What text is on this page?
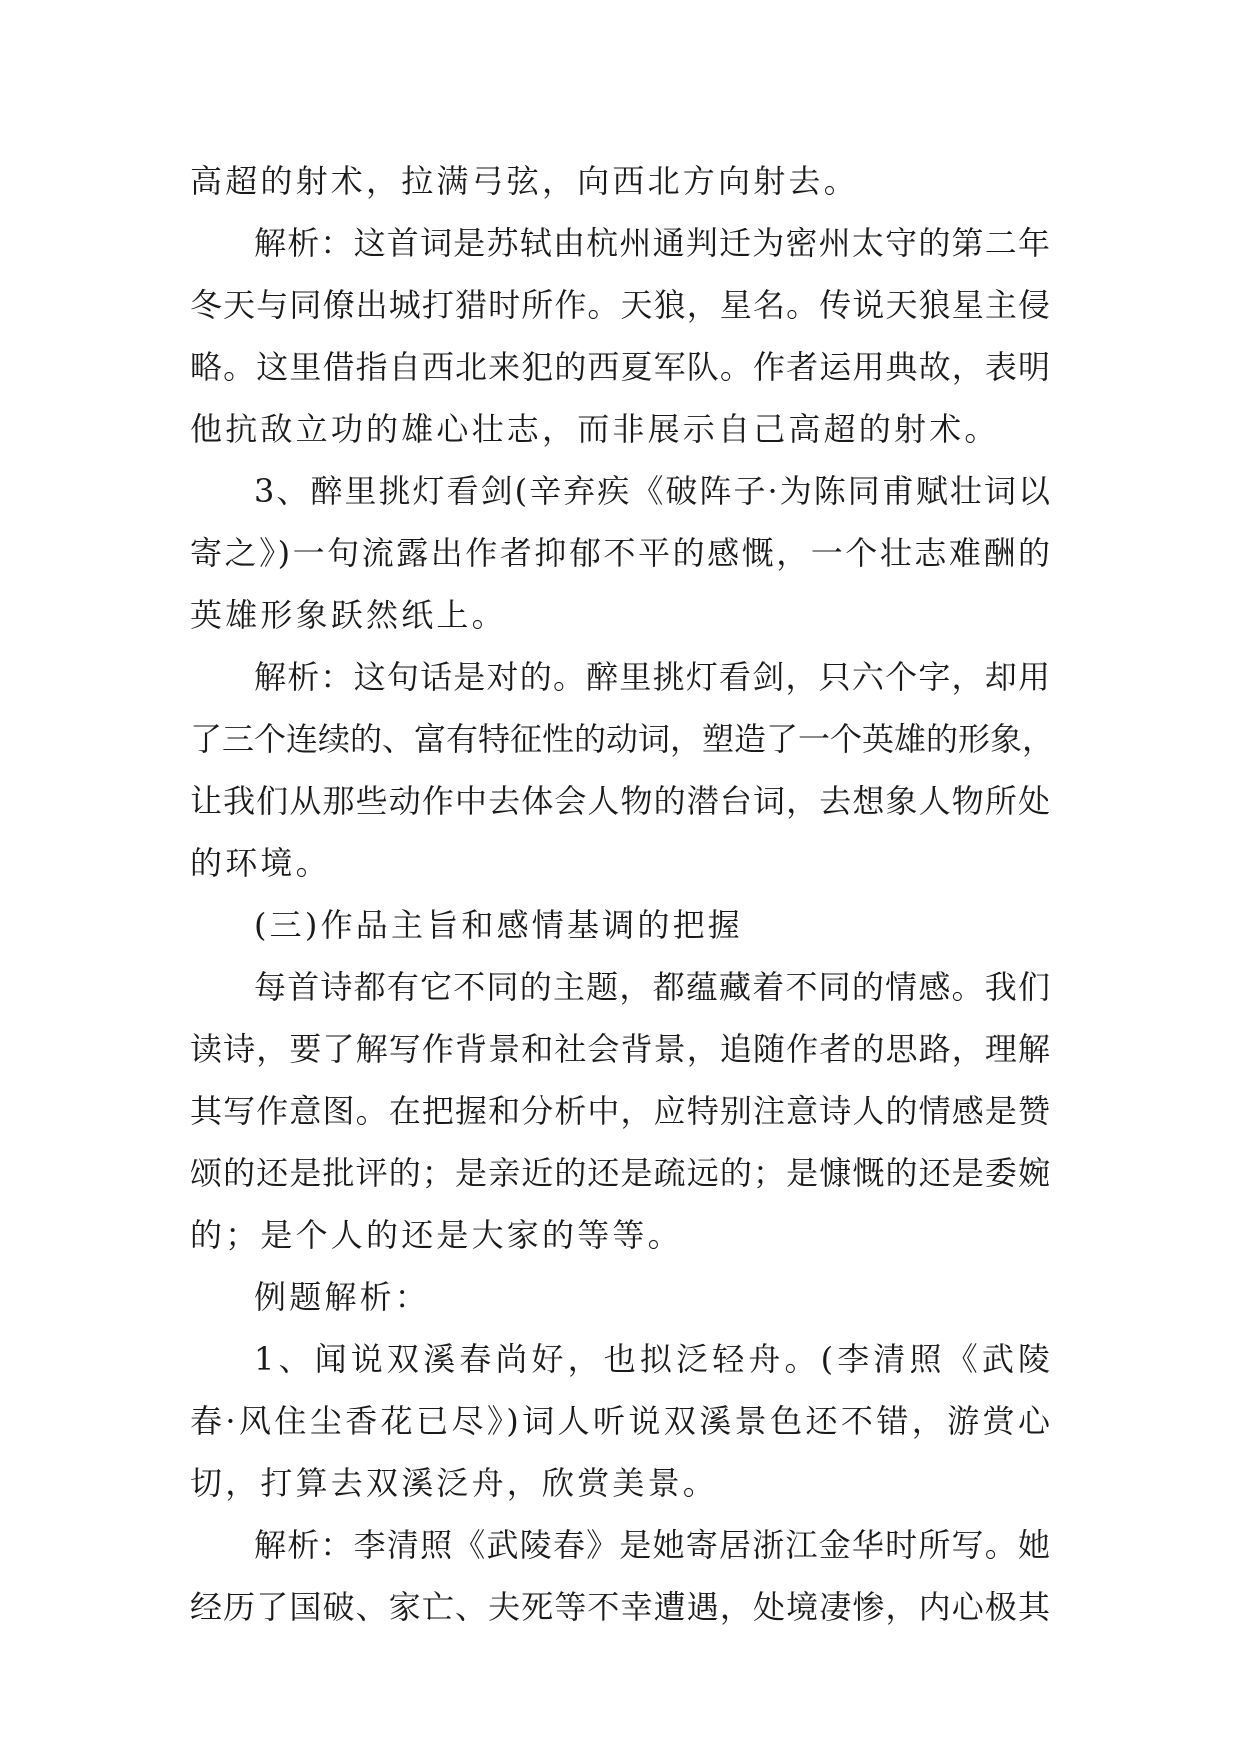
高超的射术，拉满弓弦，向西北方向射去。
解析：这首词是苏轼由杭州通判迁为密州太守的第二年
冬天与同僚出城打猎时所作。天狼，星名。传说天狼星主侵
略。这里借指自西北来犯的西夏军队。作者运用典故，表明
他抗敌立功的雄心壮志，而非展示自己高超的射术。
3、醉里挑灯看剑(辛弃疾《破阵子·为陈同甫赋壮词以
寄之》)一句流露出作者抑郁不平的感慨，一个壮志难酬的
英雄形象跃然纸上。
解析：这句话是对的。醉里挑灯看剑，只六个字，却用
了三个连续的、富有特征性的动词，塑造了一个英雄的形象，
让我们从那些动作中去体会人物的潜台词，去想象人物所处
的环境。
(三)作品主旨和感情基调的把握
每首诗都有它不同的主题，都蕴藏着不同的情感。我们
读诗，要了解写作背景和社会背景，追随作者的思路，理解
其写作意图。在把握和分析中，应特别注意诗人的情感是赞
颂的还是批评的；是亲近的还是疏远的；是慷慨的还是委婉
的；是个人的还是大家的等等。
例题解析：
1、闻说双溪春尚好，也拟泛轻舟。(李清照《武陵
春·风住尘香花已尽》)词人听说双溪景色还不错，游赏心
切，打算去双溪泛舟，欣赏美景。
解析：李清照《武陵春》是她寄居浙江金华时所写。她
经历了国破、家亡、夫死等不幸遭遇，处境凄惨，内心极其
